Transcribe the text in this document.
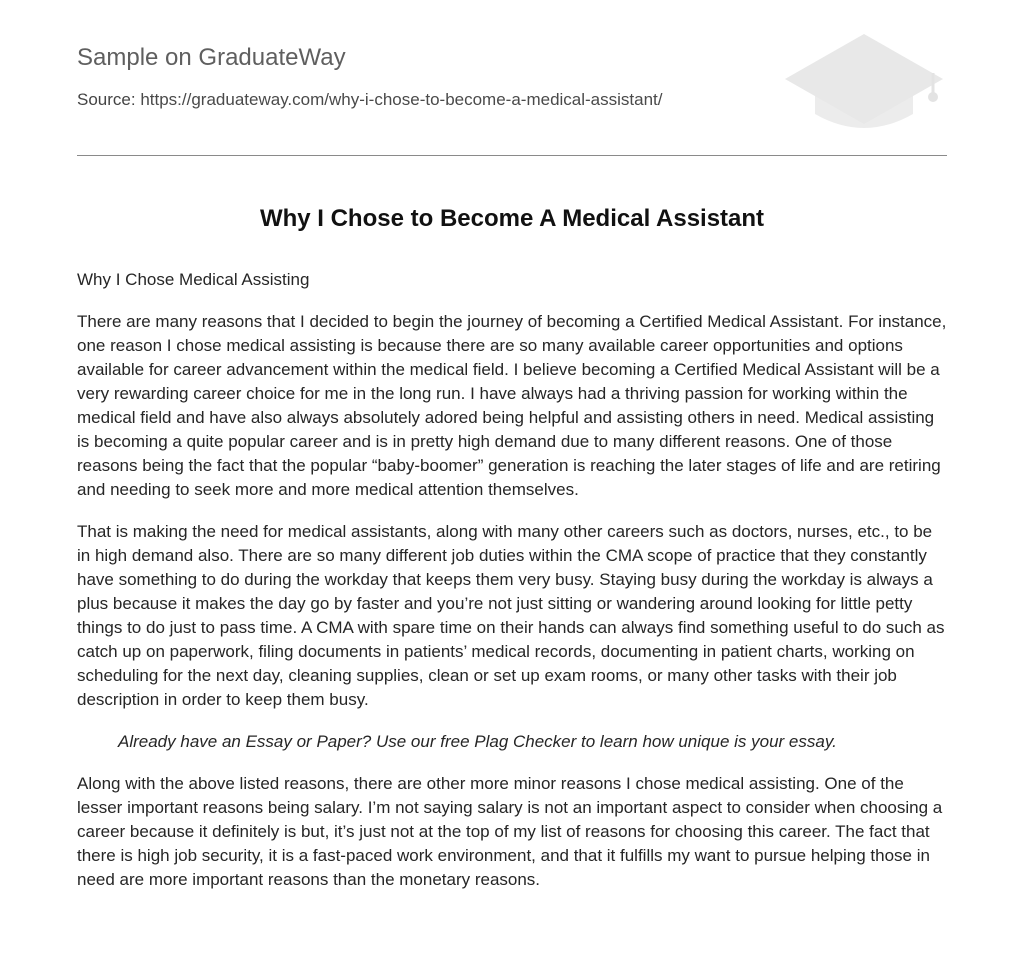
Sample on GraduateWay
Source: https://graduateway.com/why-i-chose-to-become-a-medical-assistant/
Why I Chose to Become A Medical Assistant

Why I Chose Medical Assisting

There are many reasons that I decided to begin the journey of becoming a Certified Medical Assistant. For instance, one reason I chose medical assisting is because there are so many available career opportunities and options available for career advancement within the medical field. I believe becoming a Certified Medical Assistant will be a very rewarding career choice for me in the long run. I have always had a thriving passion for working within the medical field and have also always absolutely adored being helpful and assisting others in need. Medical assisting is becoming a quite popular career and is in pretty high demand due to many different reasons. One of those reasons being the fact that the popular “baby-boomer” generation is reaching the later stages of life and are retiring and needing to seek more and more medical attention themselves.

That is making the need for medical assistants, along with many other careers such as doctors, nurses, etc., to be in high demand also. There are so many different job duties within the CMA scope of practice that they constantly have something to do during the workday that keeps them very busy. Staying busy during the workday is always a plus because it makes the day go by faster and you’re not just sitting or wandering around looking for little petty things to do just to pass time. A CMA with spare time on their hands can always find something useful to do such as catch up on paperwork, filing documents in patients’ medical records, documenting in patient charts, working on scheduling for the next day, cleaning supplies, clean or set up exam rooms, or many other tasks with their job description in order to keep them busy.

Already have an Essay or Paper? Use our free Plag Checker to learn how unique is your essay.

Along with the above listed reasons, there are other more minor reasons I chose medical assisting. One of the lesser important reasons being salary. I’m not saying salary is not an important aspect to consider when choosing a career because it definitely is but, it’s just not at the top of my list of reasons for choosing this career. The fact that there is high job security, it is a fast-paced work environment, and that it fulfills my want to pursue helping those in need are more important reasons than the monetary reasons.
